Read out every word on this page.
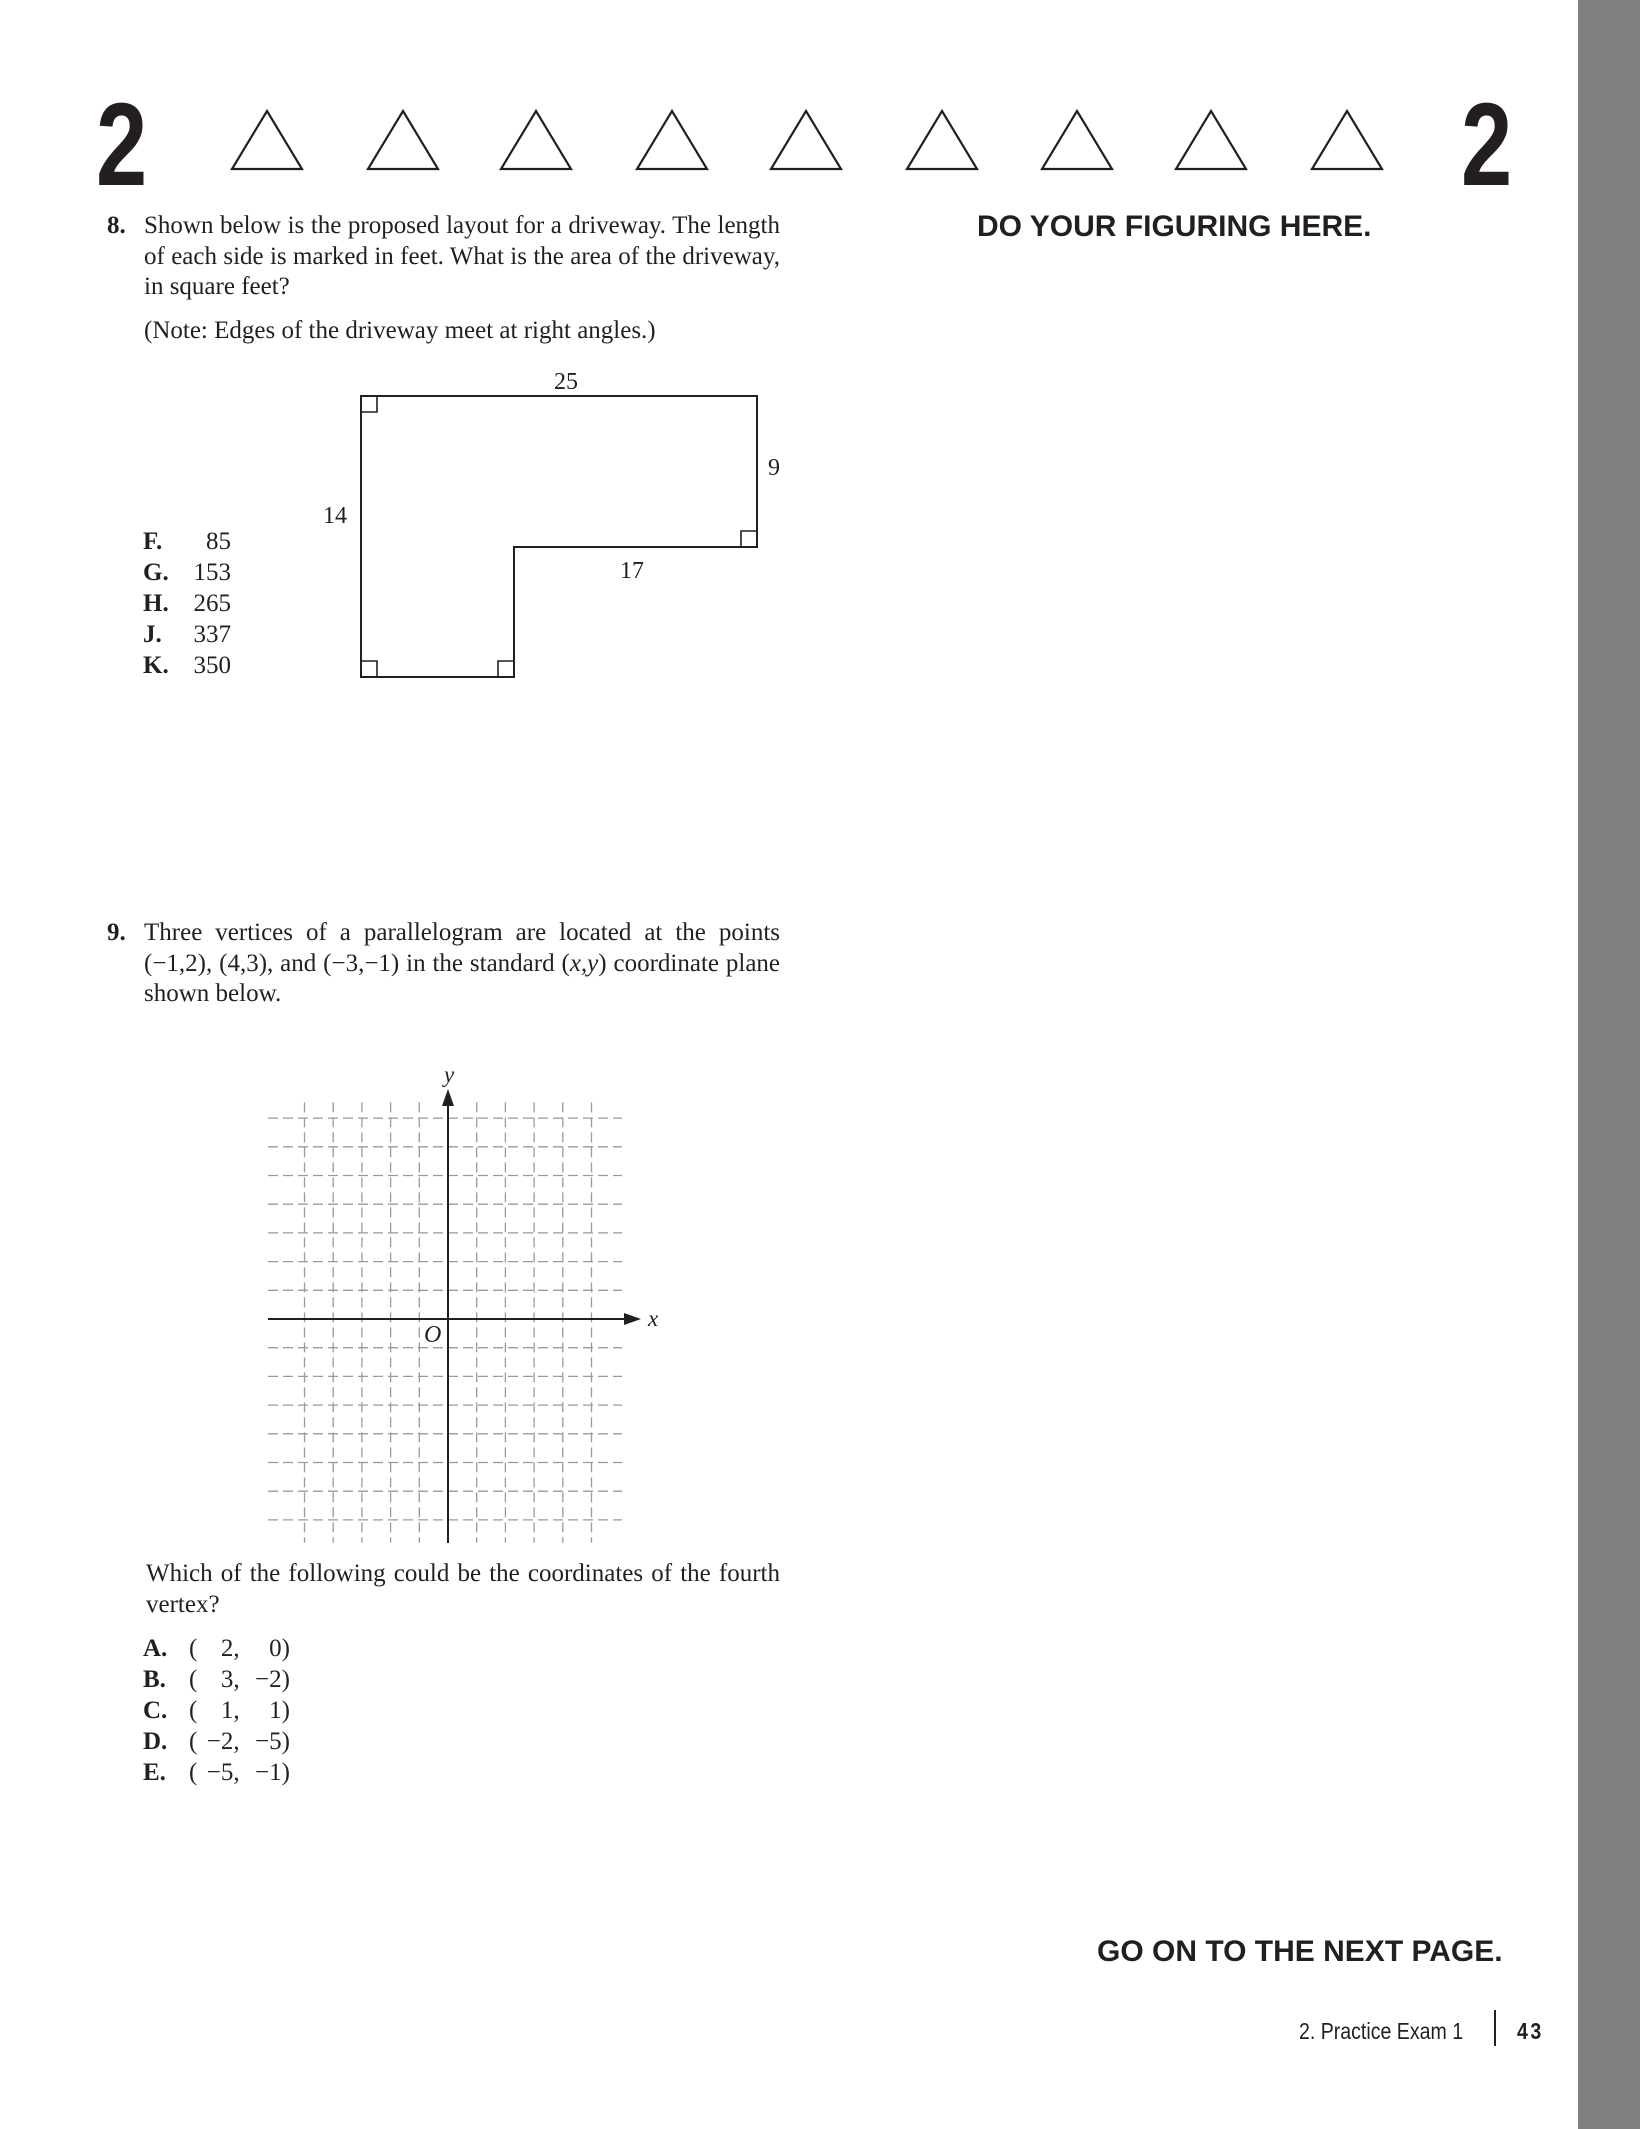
2	2
DO YOUR FIGURING HERE.
8. Shown below is the proposed layout for a driveway. The length of each side is marked in feet. What is the area of the driveway, in square feet?
(Note: Edges of the driveway meet at right angles.)
25
9
14
17
F. 85
G. 153
H. 265
J. 337
K. 350
9. Three vertices of a parallelogram are located at the points (−1,2), (4,3), and (−3,−1) in the standard (x,y) coordinate plane shown below.
Which of the following could be the coordinates of the fourth vertex?
x
y
O
A. ( 2, 0)
B. ( 3, −2)
C. ( 1, 1)
D. ( −2, −5)
E. ( −5, −1)
GO ON TO THE NEXT PAGE.
2. Practice Exam 1 43
